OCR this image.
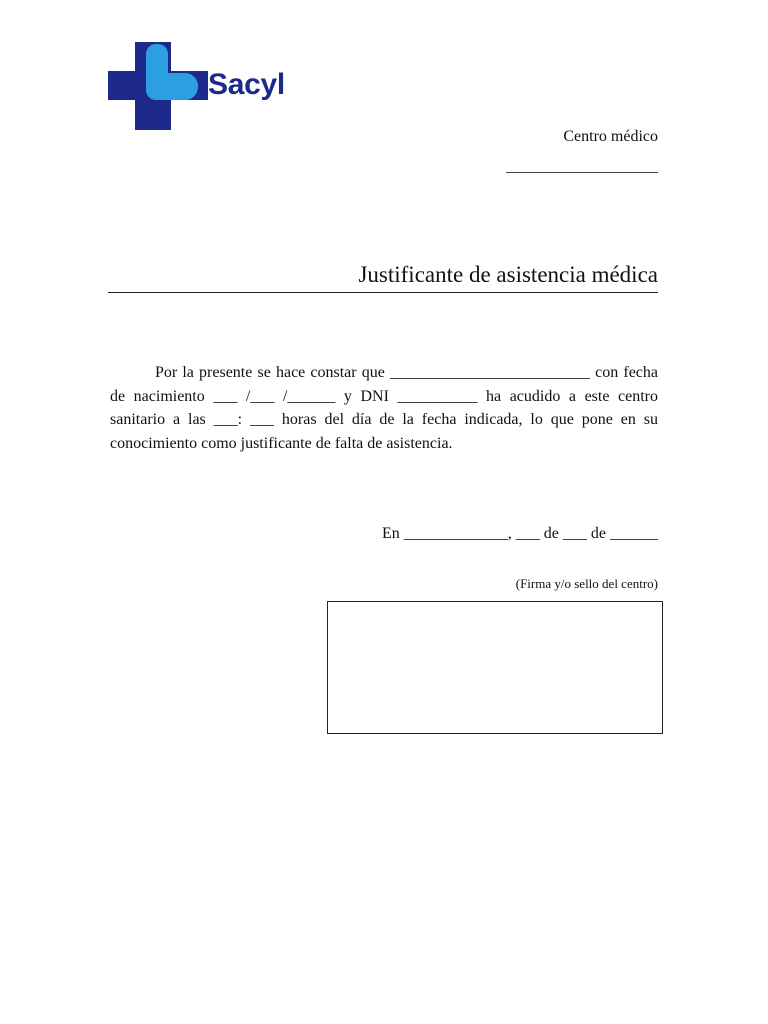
Sacyl
Centro médico
___________________
Justificante de asistencia médica

Por la presente se hace constar que _________________________ con fecha de nacimiento ___ /___ /______ y DNI __________ ha acudido a este centro sanitario a las ___: ___ horas del día de la fecha indicada, lo que pone en su conocimiento como justificante de falta de asistencia.

En _____________, ___ de ___ de ______
(Firma y/o sello del centro)
